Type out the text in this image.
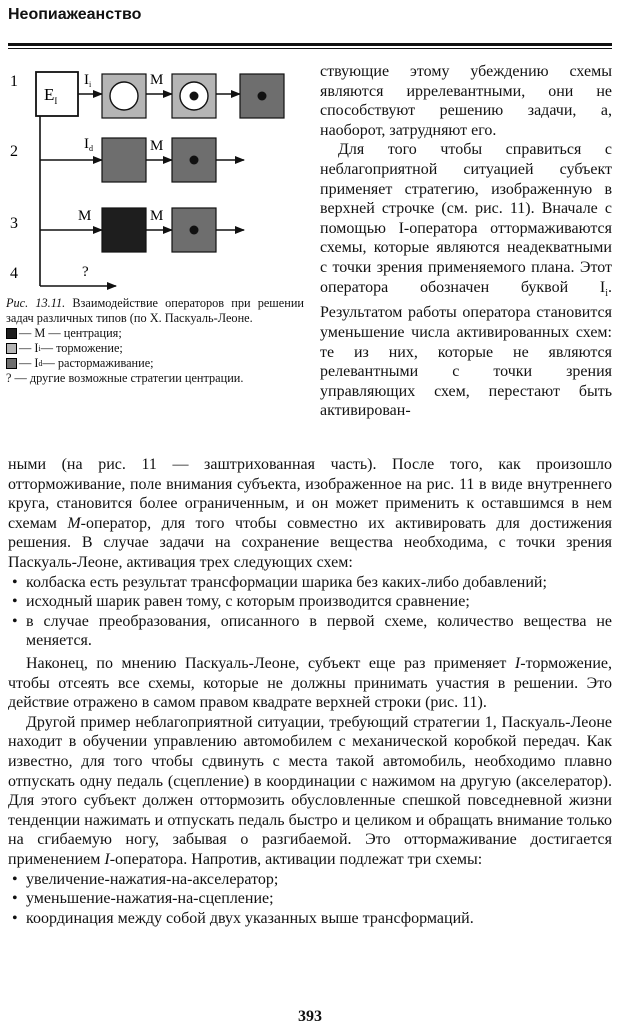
Неопиажеанство
1
2
3
4
$E_I$
$I_i$	M
$I_d$	M
M	M
?
Рис. 13.11. Взаимодействие операторов при решении задач различных типов (по X. Паскуаль-Леоне.
— M — центрация;
— I i — торможение;
— I d — растормаживание;
? — другие возможные стратегии центрации.

ствующие этому убеждению схемы являются иррелевантными, они не способствуют решению задачи, а, наоборот, затрудняют его.

Для того чтобы справиться с неблагоприятной ситуацией субъект применяет стратегию, изображенную в верхней строчке (см. рис. 11). Вначале с помощью I-оператора оттормаживаются схемы, которые являются неадекватными с точки зрения применяемого плана. Этот оператора обозначен буквой $I_i$. Результатом работы оператора становится уменьшение числа активированных схем: те из них, которые не являются релевантными с точки зрения управляющих схем, перестают быть активирован-

ными (на рис. 11 — заштрихованная часть). После того, как произошло отторможивание, поле внимания субъекта, изображенное на рис. 11 в виде внутреннего круга, становится более ограниченным, и он может применить к оставшимся в нем схемам M-оператор, для того чтобы совместно их активировать для достижения решения. В случае задачи на сохранение вещества необходима, с точки зрения Паскуаль-Леоне, активация трех следующих схем:

• колбаска есть результат трансформации шарика без каких-либо добавлений;
• исходный шарик равен тому, с которым производится сравнение;
• в случае преобразования, описанного в первой схеме, количество вещества не меняется.

Наконец, по мнению Паскуаль-Леоне, субъект еще раз применяет I-торможение, чтобы отсеять все схемы, которые не должны принимать участия в решении. Это действие отражено в самом правом квадрате верхней строки (рис. 11).

Другой пример неблагоприятной ситуации, требующий стратегии 1, Паскуаль-Леоне находит в обучении управлению автомобилем с механической коробкой передач. Как известно, для того чтобы сдвинуть с места такой автомобиль, необходимо плавно отпускать одну педаль (сцепление) в координации с нажимом на другую (акселератор). Для этого субъект должен оттормозить обусловленные спешкой повседневной жизни тенденции нажимать и отпускать педаль быстро и целиком и обращать внимание только на сгибаемую ногу, забывая о разгибаемой. Это оттормаживание достигается применением I-оператора. Напротив, активации подлежат три схемы:

• увеличение-нажатия-на-акселератор;
• уменьшение-нажатия-на-сцепление;
• координация между собой двух указанных выше трансформаций.
393
